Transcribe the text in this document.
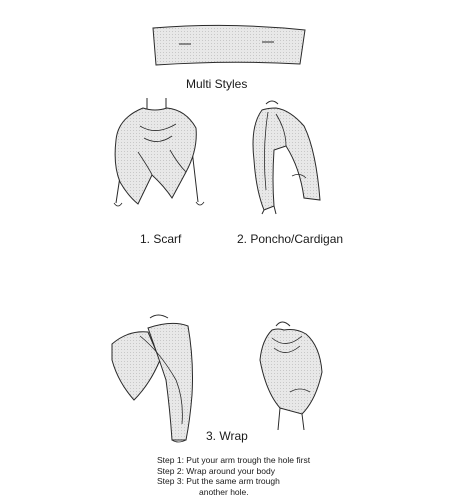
Multi Styles
1. Scarf	2. Poncho/Cardigan
3. Wrap
Step 1: Put your arm trough the hole first
Step 2: Wrap around your body
Step 3: Put the same arm trough
another hole.
